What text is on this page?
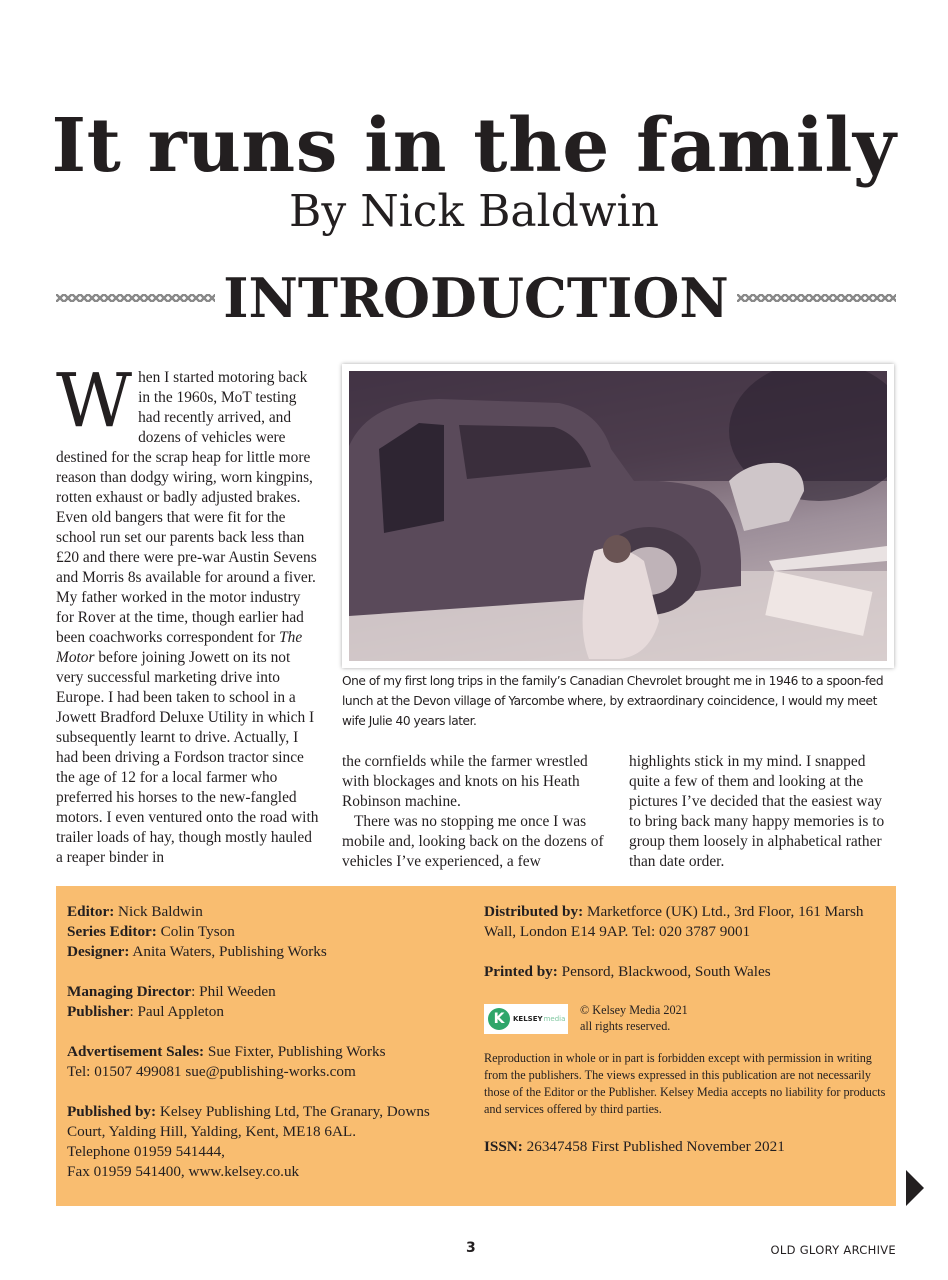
It runs in the family
By Nick Baldwin
INTRODUCTION
When I started motoring back in the 1960s, MoT testing had recently arrived, and dozens of vehicles were destined for the scrap heap for little more reason than dodgy wiring, worn kingpins, rotten exhaust or badly adjusted brakes. Even old bangers that were fit for the school run set our parents back less than £20 and there were pre-war Austin Sevens and Morris 8s available for around a fiver. My father worked in the motor industry for Rover at the time, though earlier had been coachworks correspondent for The Motor before joining Jowett on its not very successful marketing drive into Europe. I had been taken to school in a Jowett Bradford Deluxe Utility in which I subsequently learnt to drive. Actually, I had been driving a Fordson tractor since the age of 12 for a local farmer who preferred his horses to the new-fangled motors. I even ventured onto the road with trailer loads of hay, though mostly hauled a reaper binder in
One of my first long trips in the family’s Canadian Chevrolet brought me in 1946 to a spoon-fed lunch at the Devon village of Yarcombe where, by extraordinary coincidence, I would my meet wife Julie 40 years later.

the cornfields while the farmer wrestled with blockages and knots on his Heath Robinson machine.

There was no stopping me once I was mobile and, looking back on the dozens of vehicles I’ve experienced, a few

highlights stick in my mind. I snapped quite a few of them and looking at the pictures I’ve decided that the easiest way to bring back many happy memories is to group them loosely in alphabetical rather than date order.

Editor: Nick Baldwin
Series Editor: Colin Tyson
Designer: Anita Waters, Publishing Works

Managing Director: Phil Weeden
Publisher: Paul Appleton

Advertisement Sales: Sue Fixter, Publishing Works
Tel: 01507 499081 sue@publishing-works.com

Published by: Kelsey Publishing Ltd, The Granary, Downs Court, Yalding Hill, Yalding, Kent, ME18 6AL.
Telephone 01959 541444,
Fax 01959 541400, www.kelsey.co.uk

Distributed by: Marketforce (UK) Ltd., 3rd Floor, 161 Marsh Wall, London E14 9AP. Tel: 020 3787 9001

Printed by: Pensord, Blackwood, South Wales

K	KELSEY media
© Kelsey Media 2021
all rights reserved.

Reproduction in whole or in part is forbidden except with permission in writing from the publishers. The views expressed in this publication are not necessarily those of the Editor or the Publisher. Kelsey Media accepts no liability for products and services offered by third parties.

ISSN: 26347458 First Published November 2021

3	OLD GLORY ARCHIVE
